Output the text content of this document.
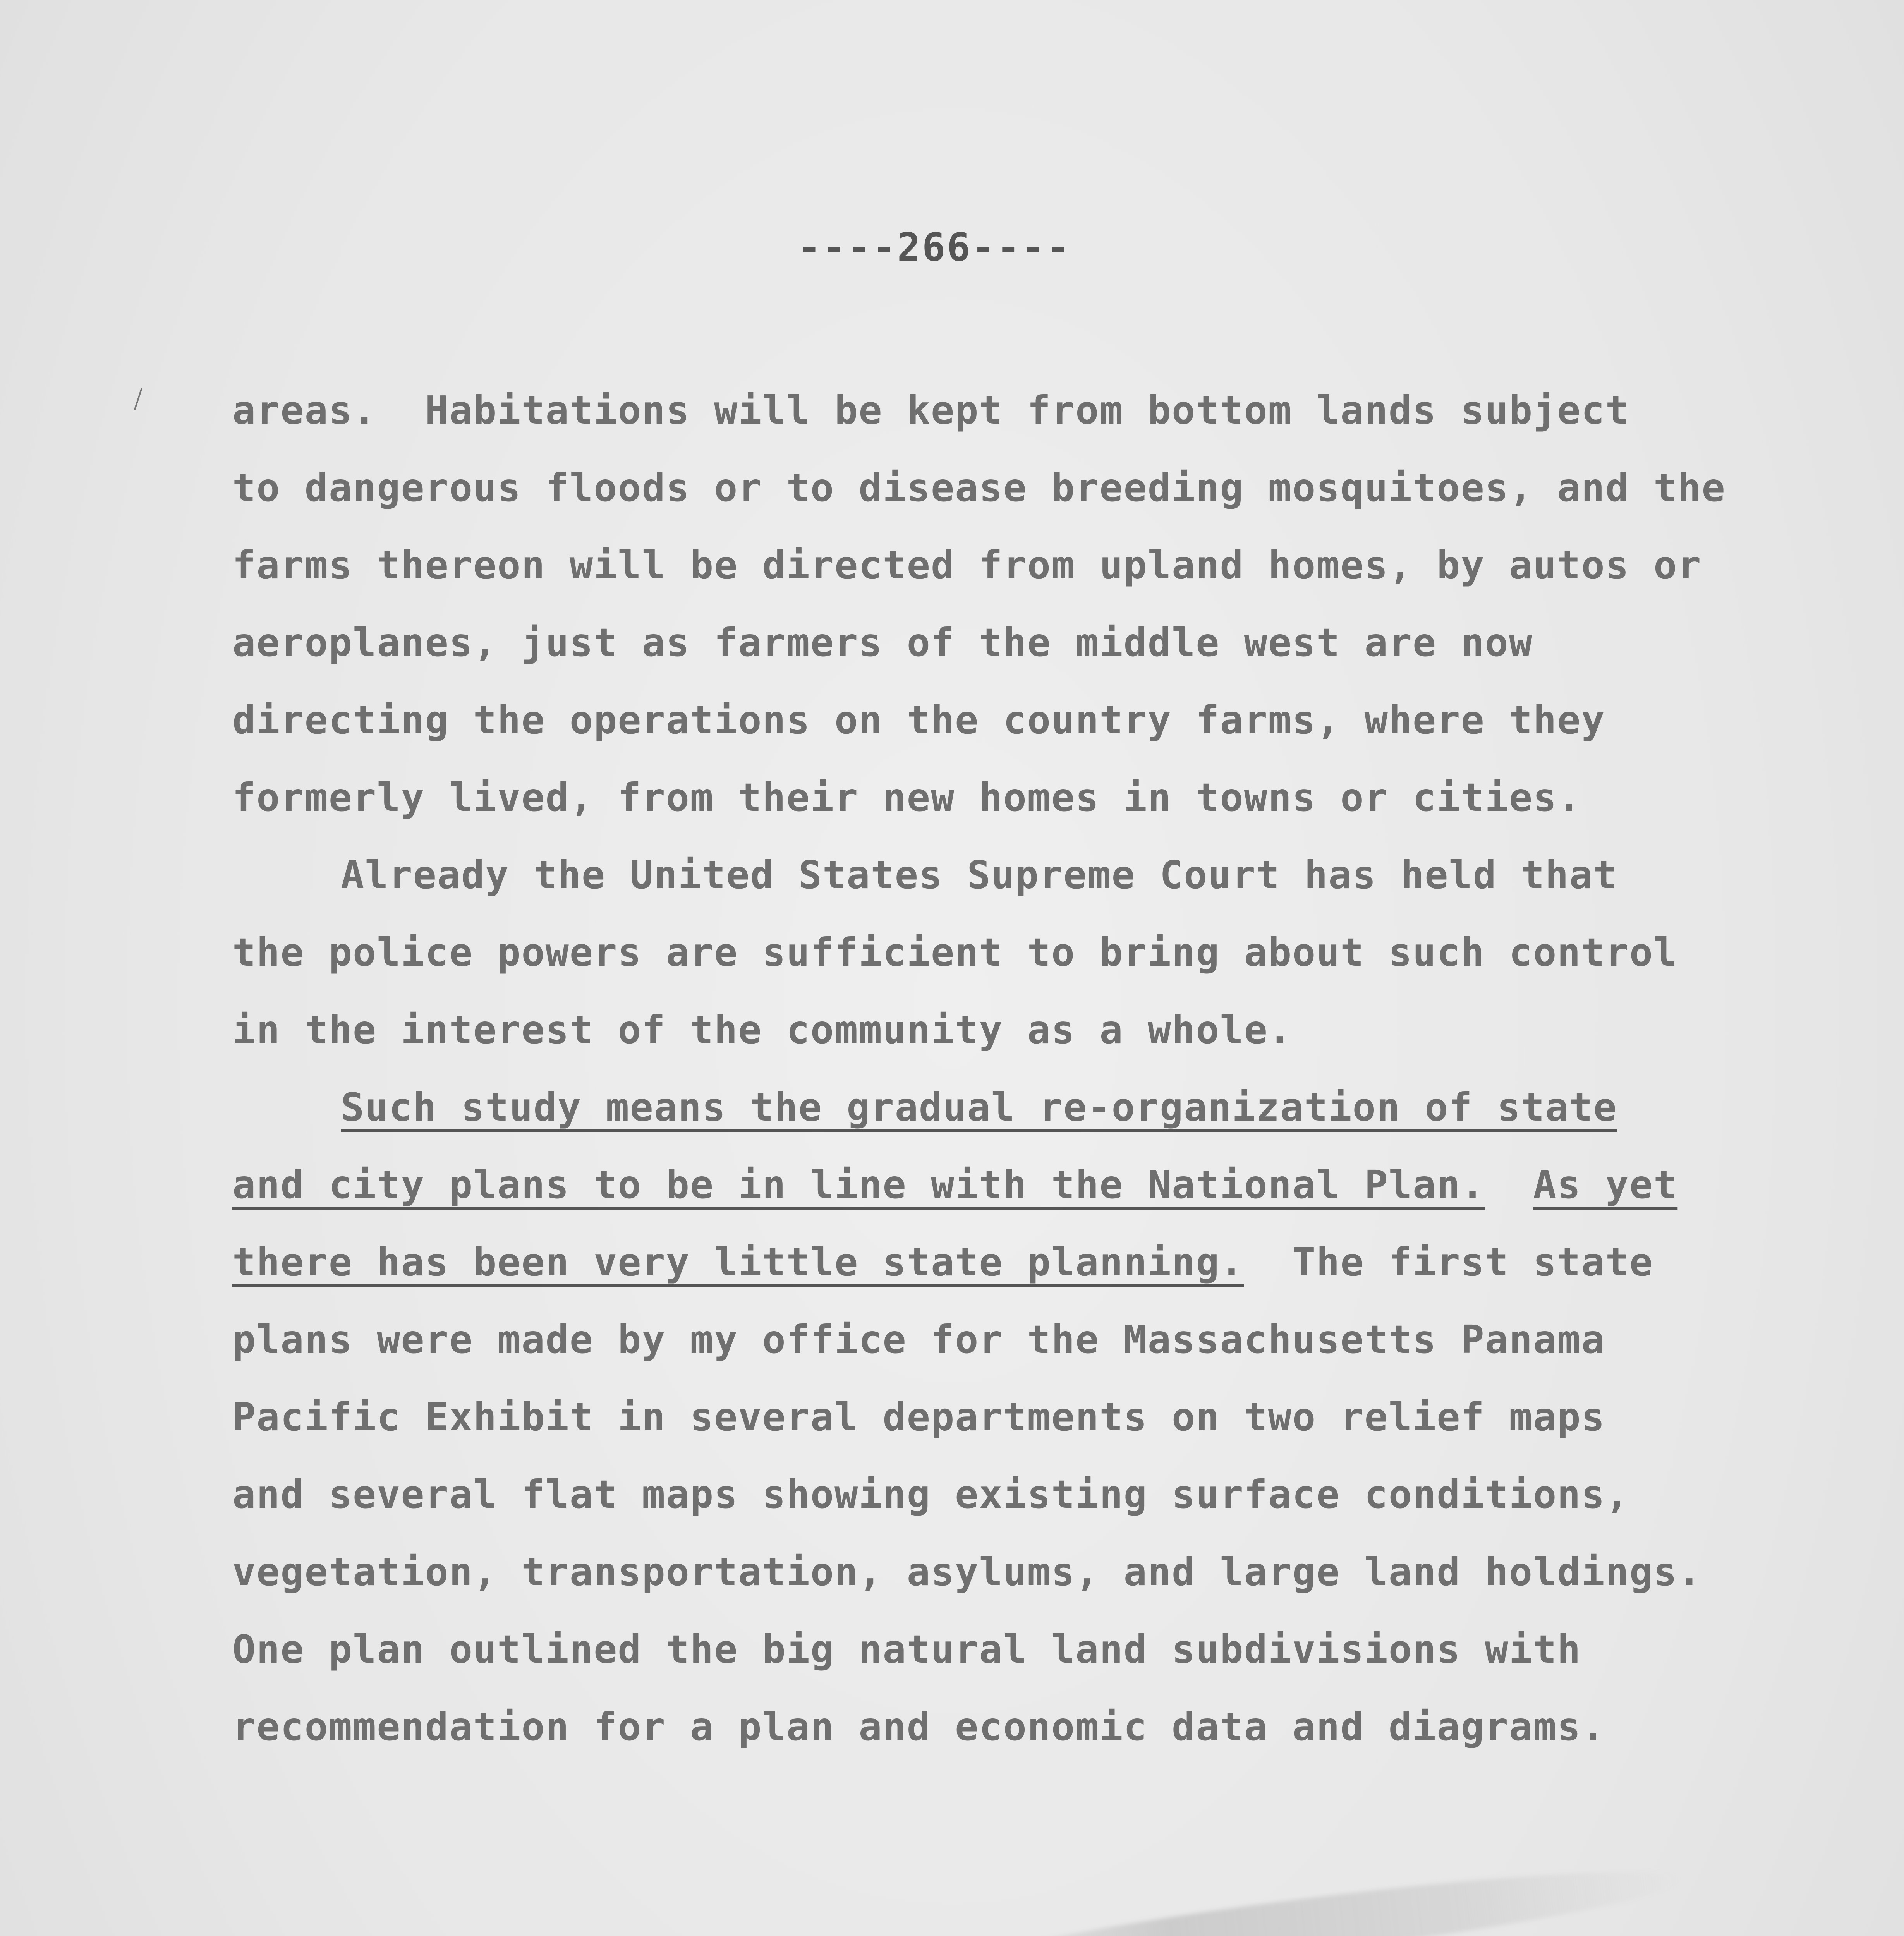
----266----
areas.  Habitations will be kept from bottom lands subject
to dangerous floods or to disease breeding mosquitoes, and the
farms thereon will be directed from upland homes, by autos or
aeroplanes, just as farmers of the middle west are now
directing the operations on the country farms, where they
formerly lived, from their new homes in towns or cities.
Already the United States Supreme Court has held that
the police powers are sufficient to bring about such control
in the interest of the community as a whole.
Such study means the gradual re-organization of state
and city plans to be in line with the National Plan. As yet
there has been very little state planning. The first state
plans were made by my office for the Massachusetts Panama
Pacific Exhibit in several departments on two relief maps
and several flat maps showing existing surface conditions,
vegetation, transportation, asylums, and large land holdings.
One plan outlined the big natural land subdivisions with
recommendation for a plan and economic data and diagrams.
